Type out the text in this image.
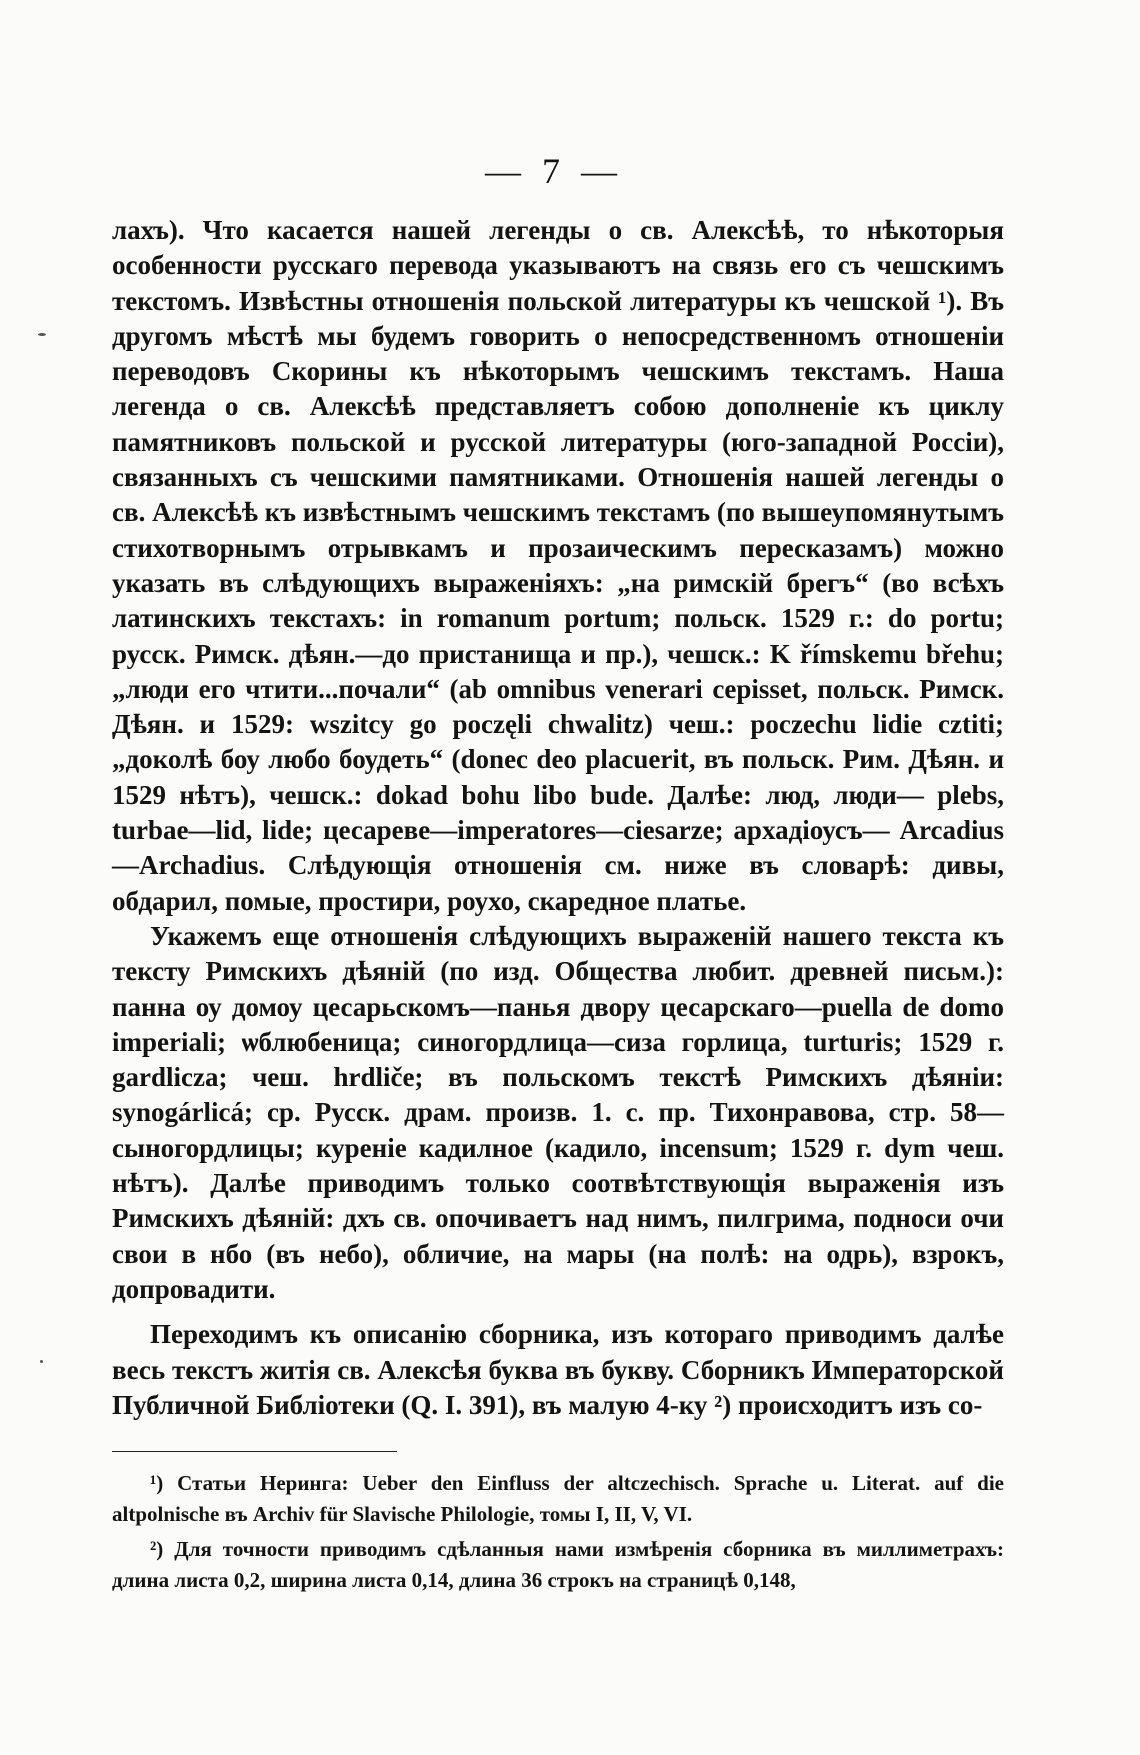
— 7 —

лахъ). Что касается нашей легенды о св. Алексѣѣ, то нѣкоторыя особенности русскаго перевода указываютъ на связь его съ чешскимъ текстомъ. Извѣстны отношенія польской литературы къ чешской ¹). Въ другомъ мѣстѣ мы будемъ говорить о непосредственномъ отношеніи переводовъ Скорины къ нѣкоторымъ чешскимъ текстамъ. Наша легенда о св. Алексѣѣ представляетъ собою дополненіе къ циклу памятниковъ польской и русской литературы (юго-западной Россіи), связанныхъ съ чешскими памятниками. Отношенія нашей легенды о св. Алексѣѣ къ извѣстнымъ чешскимъ текстамъ (по вышеупомянутымъ стихотворнымъ отрывкамъ и прозаическимъ пересказамъ) можно указать въ слѣдующихъ выраженіяхъ: „на римскій брегъ“ (во всѣхъ латинскихъ текстахъ: in romanum portum; польск. 1529 г.: do portu; русск. Римск. дѣян.—до пристанища и пр.), чешск.: K římskemu břehu; „люди его чтити...почали“ (ab omnibus venerari cepisset, польск. Римск. Дѣян. и 1529: wszitcy go poczęli chwalitz) чеш.: poczechu lidie cztiti; „доколѣ боу любо боудеть“ (donec deo placuerit, въ польск. Рим. Дѣян. и 1529 нѣтъ), чешск.: dokad bohu libo bude. Далѣе: люд, люди— plebs, turbae—lid, lide; цесареве—imperatores—ciesarze; архадіоусъ— Arcadius—Archadius. Слѣдующія отношенія см. ниже въ словарѣ: дивы, обдарил, помые, простири, роухо, скаредное платье.

Укажемъ еще отношенія слѣдующихъ выраженій нашего текста къ тексту Римскихъ дѣяній (по изд. Общества любит. древней письм.): панна оу домоу цесарьскомъ—панья двору цесарскаго—puella de domo imperiali; ѡблюбеница; синогордлица—сиза горлица, turturis; 1529 г. gardlicza; чеш. hrdliče; въ польскомъ текстѣ Римскихъ дѣяніи: synogárlicá; ср. Русск. драм. произв. 1. с. пр. Тихонравова, стр. 58— сыногордлицы; куреніе кадилное (кадило, incensum; 1529 г. dym чеш. нѣтъ). Далѣе приводимъ только соотвѣтствующія выраженія изъ Римскихъ дѣяній: дхъ св. опочиваетъ над нимъ, пилгрима, подноси очи свои в нбо (въ небо), обличие, на мары (на полѣ: на одрь), взрокъ, допровадити.

Переходимъ къ описанію сборника, изъ котораго приводимъ далѣе весь текстъ житія св. Алексѣя буква въ букву. Сборникъ Императорской Публичной Библіотеки (Q. I. 391), въ малую 4-ку ²) происходитъ изъ со-

¹) Статьи Нерингa: Ueber den Einfluss der altczechisch. Sprache u. Literat. auf die altpolnische въ Archiv für Slavische Philologie, томы I, II, V, VI.

²) Для точности приводимъ сдѣланныя нами измѣренія сборника въ миллиметрахъ: длина листа 0,2, ширина листа 0,14, длина 36 строкъ на страницѣ 0,148,
